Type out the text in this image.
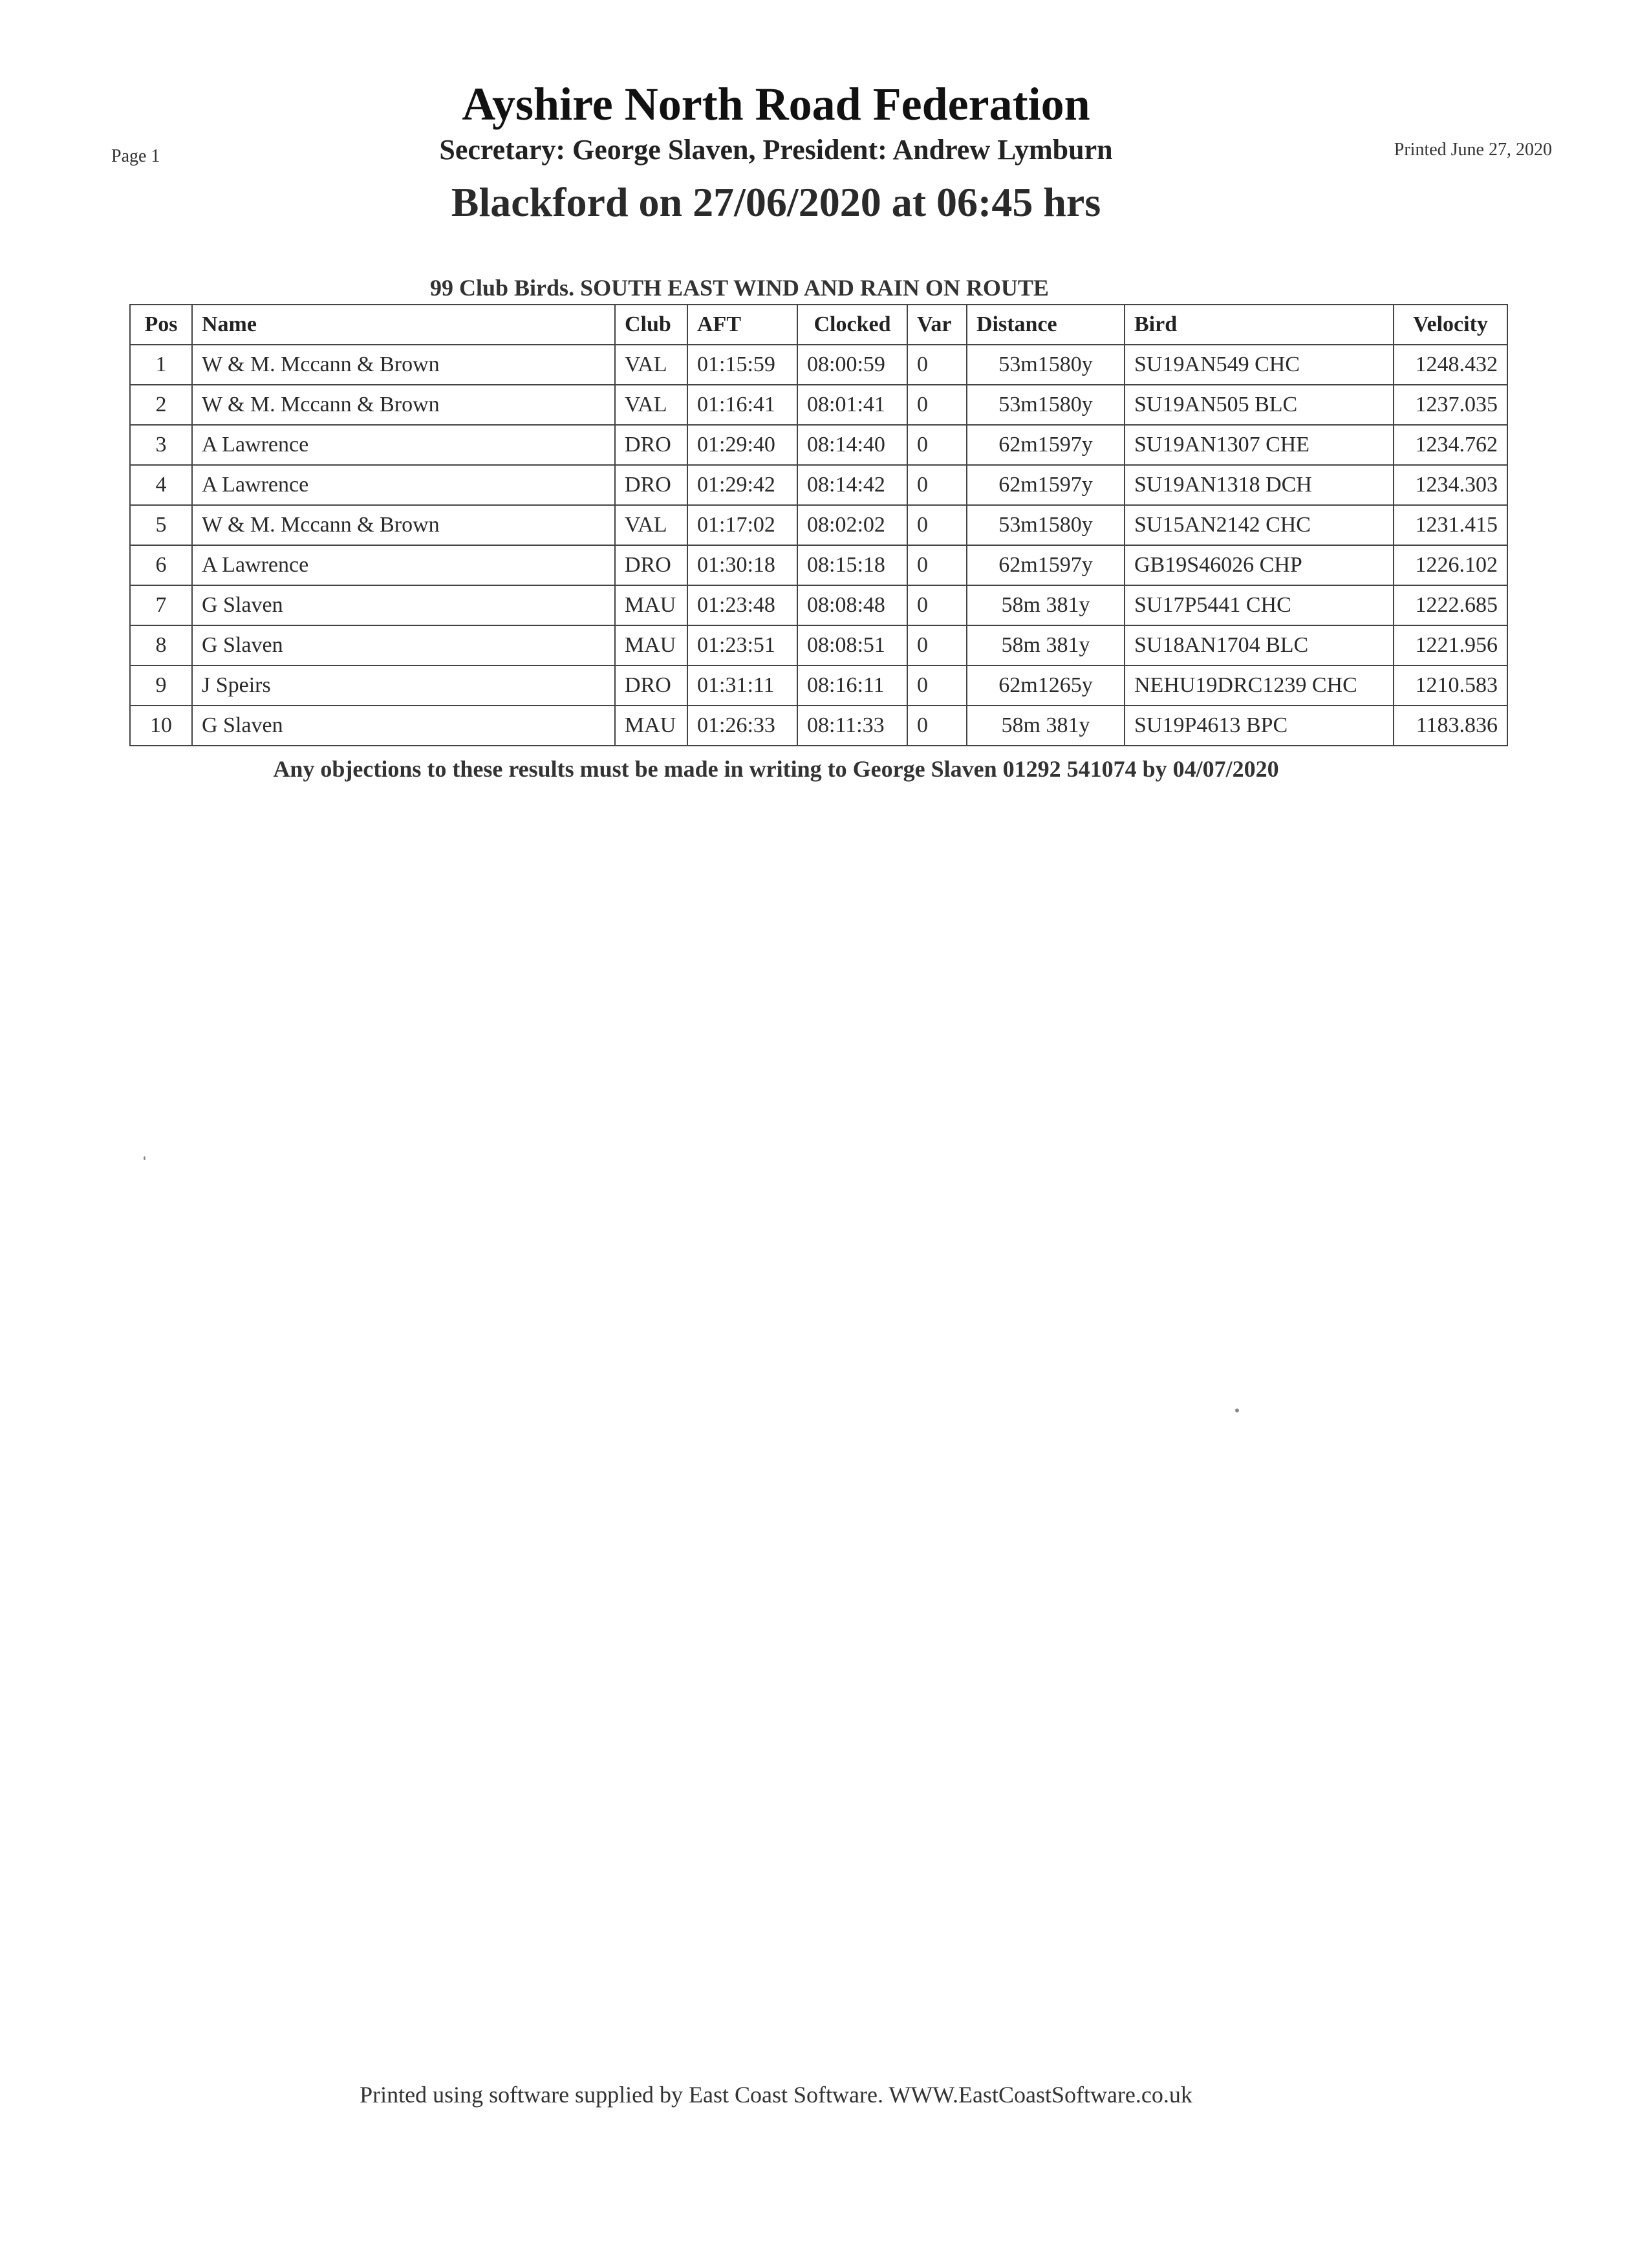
Page 1	Printed June 27, 2020
Ayshire North Road Federation
Secretary: George Slaven, President: Andrew Lymburn
Blackford on 27/06/2020 at 06:45 hrs
99 Club Birds. SOUTH EAST WIND AND RAIN ON ROUTE
Pos	Name	Club	AFT	Clocked	Var	Distance	Bird	Velocity
1	W & M. Mccann & Brown	VAL	01:15:59	08:00:59	0	53m1580y	SU19AN549 CHC	1248.432
2	W & M. Mccann & Brown	VAL	01:16:41	08:01:41	0	53m1580y	SU19AN505 BLC	1237.035
3	A Lawrence	DRO	01:29:40	08:14:40	0	62m1597y	SU19AN1307 CHE	1234.762
4	A Lawrence	DRO	01:29:42	08:14:42	0	62m1597y	SU19AN1318 DCH	1234.303
5	W & M. Mccann & Brown	VAL	01:17:02	08:02:02	0	53m1580y	SU15AN2142 CHC	1231.415
6	A Lawrence	DRO	01:30:18	08:15:18	0	62m1597y	GB19S46026 CHP	1226.102
7	G Slaven	MAU	01:23:48	08:08:48	0	58m 381y	SU17P5441 CHC	1222.685
8	G Slaven	MAU	01:23:51	08:08:51	0	58m 381y	SU18AN1704 BLC	1221.956
9	J Speirs	DRO	01:31:11	08:16:11	0	62m1265y	NEHU19DRC1239 CHC	1210.583
10	G Slaven	MAU	01:26:33	08:11:33	0	58m 381y	SU19P4613 BPC	1183.836
Any objections to these results must be made in writing to George Slaven 01292 541074 by 04/07/2020
Printed using software supplied by East Coast Software. WWW.EastCoastSoftware.co.uk
